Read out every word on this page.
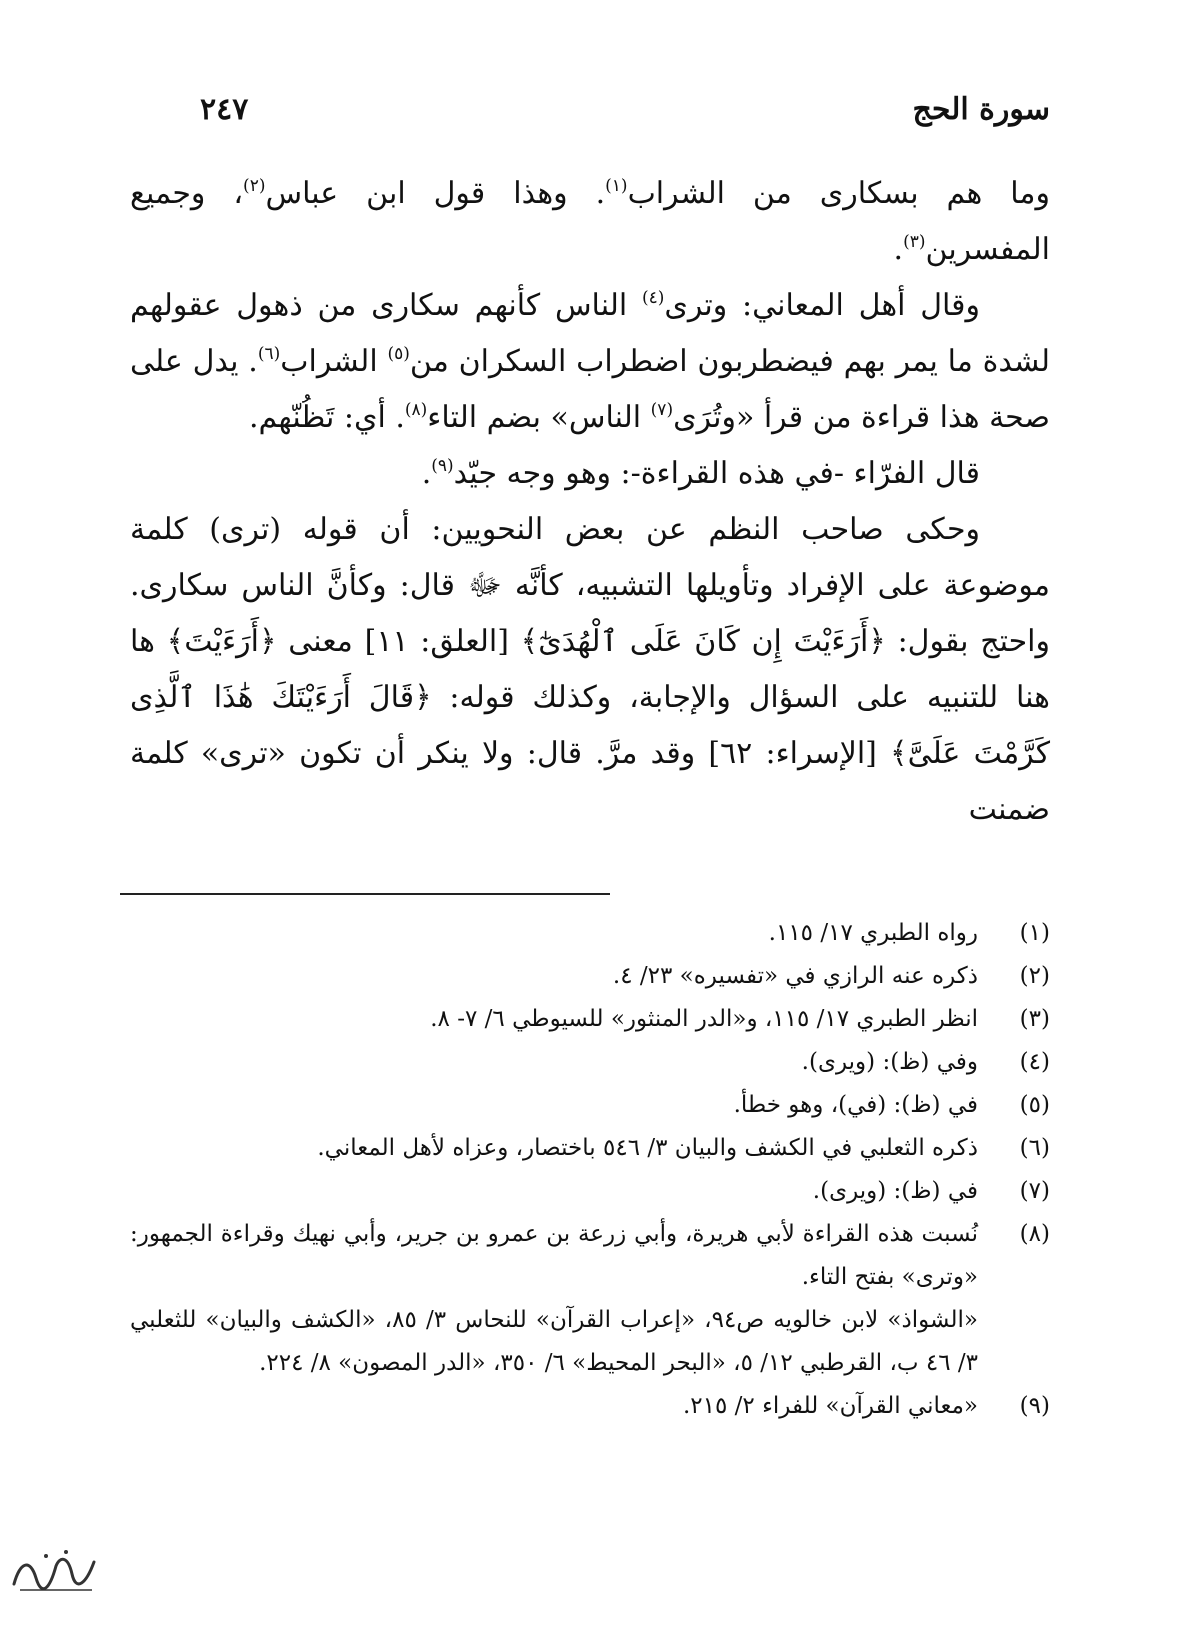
سورة الحج
٢٤٧

وما هم بسكارى من الشراب$^{(١)}$. وهذا قول ابن عباس$^{(٢)}$، وجميع المفسرين$^{(٣)}$.

وقال أهل المعاني: وترى$^{(٤)}$ الناس كأنهم سكارى من ذهول عقولهم لشدة ما يمر بهم فيضطربون اضطراب السكران من$^{(٥)}$ الشراب$^{(٦)}$. يدل على صحة هذا قراءة من قرأ «وتُرَى$^{(٧)}$ الناس» بضم التاء$^{(٨)}$. أي: تَظُنّهم.

قال الفرّاء -في هذه القراءة-: وهو وجه جيّد$^{(٩)}$.

وحكى صاحب النظم عن بعض النحويين: أن قوله (ترى) كلمة موضوعة على الإفراد وتأويلها التشبيه، كأنَّه ﷻ قال: وكأنَّ الناس سكارى. واحتج بقول: ﴿أَرَءَيْتَ إِن كَانَ عَلَى ٱلْهُدَىٰٓ﴾ [العلق: ١١] معنى ﴿أَرَءَيْتَ﴾ ها هنا للتنبيه على السؤال والإجابة، وكذلك قوله: ﴿قَالَ أَرَءَيْتَكَ هَٰذَا ٱلَّذِى كَرَّمْتَ عَلَىَّ﴾ [الإسراء: ٦٢] وقد مرَّ. قال: ولا ينكر أن تكون «ترى» كلمة ضمنت

(١)
رواه الطبري ١٧/ ١١٥.
(٢)
ذكره عنه الرازي في «تفسيره» ٢٣/ ٤.
(٣)
انظر الطبري ١٧/ ١١٥، و«الدر المنثور» للسيوطي ٦/ ٧- ٨.
(٤)
وفي (ظ): (ويرى).
(٥)
في (ظ): (في)، وهو خطأ.
(٦)
ذكره الثعلبي في الكشف والبيان ٣/ ٥٤٦ باختصار، وعزاه لأهل المعاني.
(٧)
في (ظ): (ويرى).
(٨)
نُسبت هذه القراءة لأبي هريرة، وأبي زرعة بن عمرو بن جرير، وأبي نهيك وقراءة الجمهور: «وترى» بفتح التاء.
«الشواذ» لابن خالويه ص٩٤، «إعراب القرآن» للنحاس ٣/ ٨٥، «الكشف والبيان» للثعلبي ٣/ ٤٦ ب، القرطبي ١٢/ ٥، «البحر المحيط» ٦/ ٣٥٠، «الدر المصون» ٨/ ٢٢٤.
(٩)
«معاني القرآن» للفراء ٢/ ٢١٥.
